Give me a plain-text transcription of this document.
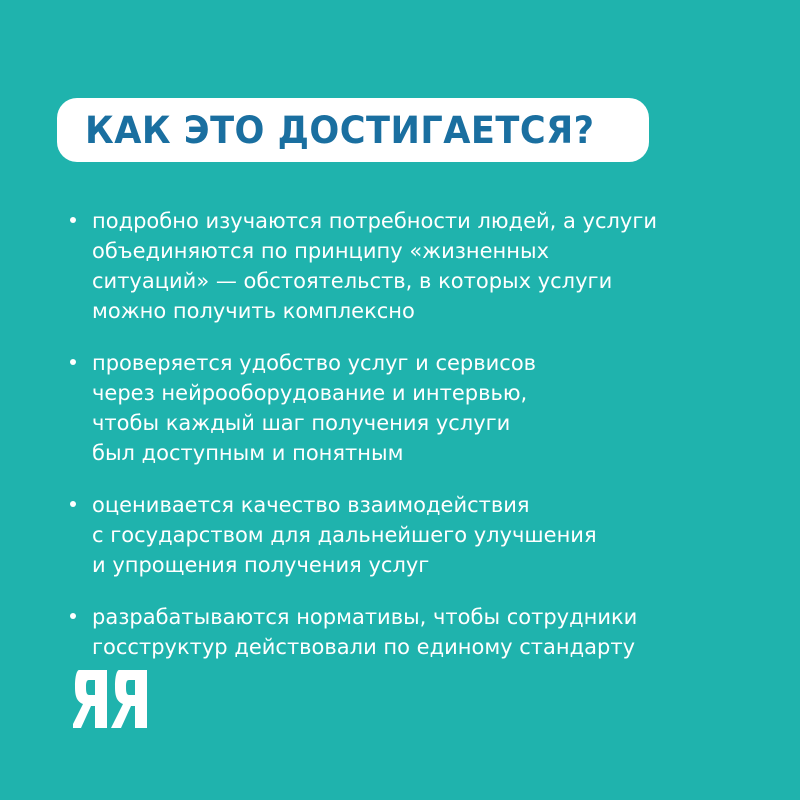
КАК ЭТО ДОСТИГАЕТСЯ?
подробно изучаются потребности людей, а услуги
объединяются по принципу «жизненных
ситуаций» — обстоятельств, в которых услуги
можно получить комплексно
проверяется удобство услуг и сервисов
через нейрооборудование и интервью,
чтобы каждый шаг получения услуги
был доступным и понятным
оценивается качество взаимодействия
с государством для дальнейшего улучшения
и упрощения получения услуг
разрабатываются нормативы, чтобы сотрудники
госструктур действовали по единому стандарту
